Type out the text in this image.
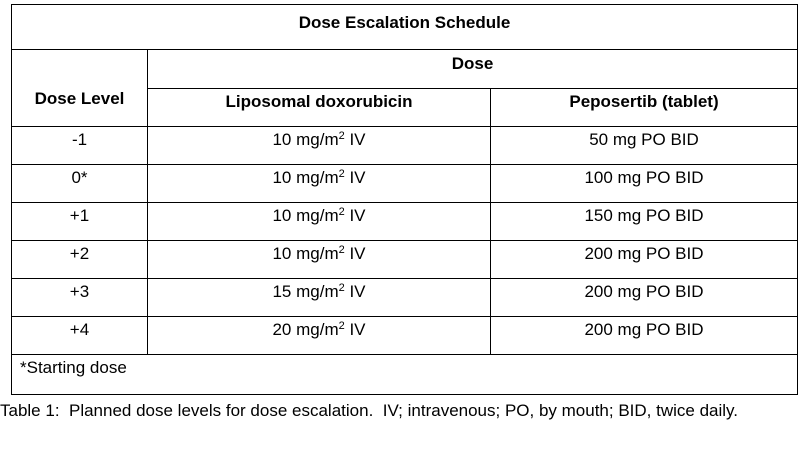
Dose Escalation Schedule		
Dose Level	Dose	
	Liposomal doxorubicin	Peposertib (tablet)
-1	10 $mg/m^2$ IV	50 mg PO BID
0*	10 $mg/m^2$ IV	100 mg PO BID
+1	10 $mg/m^2$ IV	150 mg PO BID
+2	10 $mg/m^2$ IV	200 mg PO BID
+3	15 $mg/m^2$ IV	200 mg PO BID
+4	20 $mg/m^2$ IV	200 mg PO BID
*Starting dose		
Table 1:  Planned dose levels for dose escalation.  IV; intravenous; PO, by mouth; BID, twice daily.
